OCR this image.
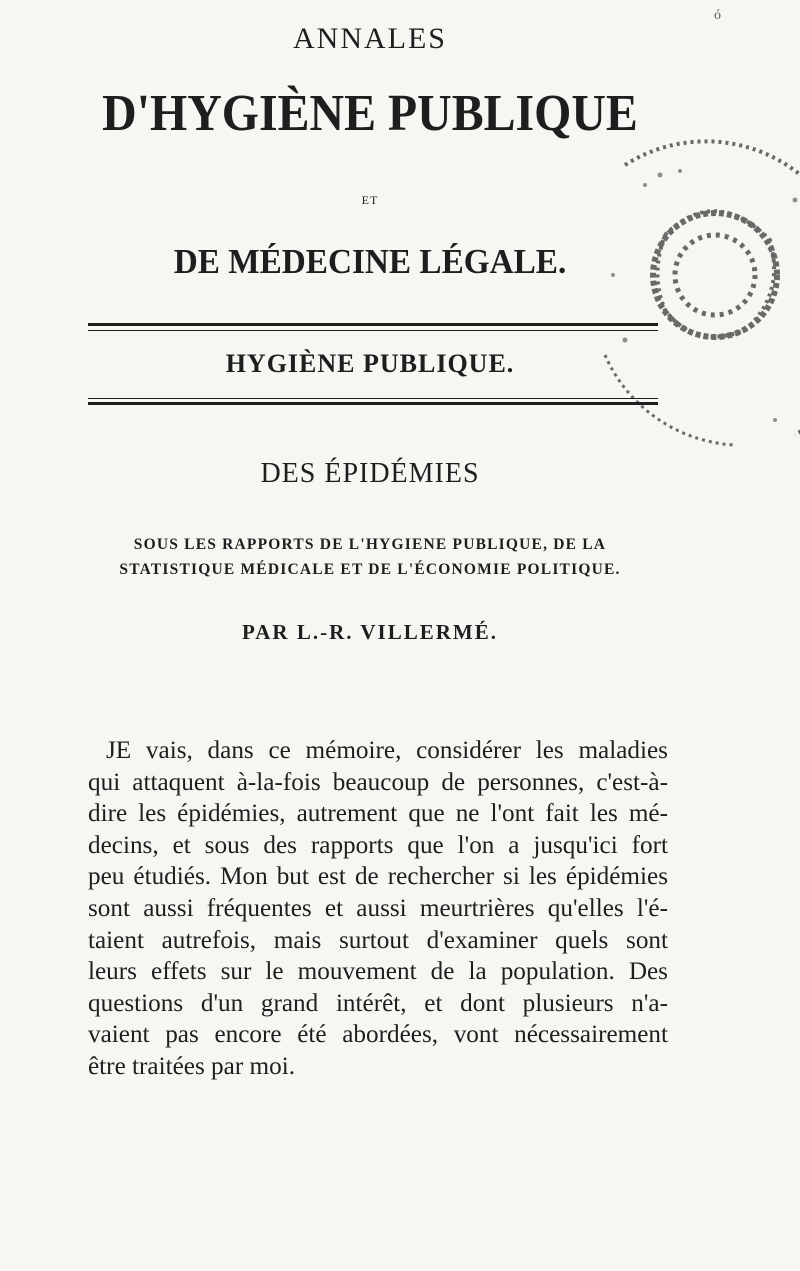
ó

ANNALES
D'HYGIÈNE PUBLIQUE
ET
DE MÉDECINE LÉGALE.
HYGIÈNE PUBLIQUE.
DES ÉPIDÉMIES
SOUS LES RAPPORTS DE L'HYGIENE PUBLIQUE, DE LA
STATISTIQUE MÉDICALE ET DE L'ÉCONOMIE POLITIQUE.
PAR L.-R. VILLERMÉ.
JE vais, dans ce mémoire, considérer les maladies
qui attaquent à-la-fois beaucoup de personnes, c'est-à-
dire les épidémies, autrement que ne l'ont fait les mé-
decins, et sous des rapports que l'on a jusqu'ici fort
peu étudiés. Mon but est de rechercher si les épidémies
sont aussi fréquentes et aussi meurtrières qu'elles l'é-
taient autrefois, mais surtout d'examiner quels sont
leurs effets sur le mouvement de la population. Des
questions d'un grand intérêt, et dont plusieurs n'a-
vaient pas encore été abordées, vont nécessairement
être traitées par moi.
